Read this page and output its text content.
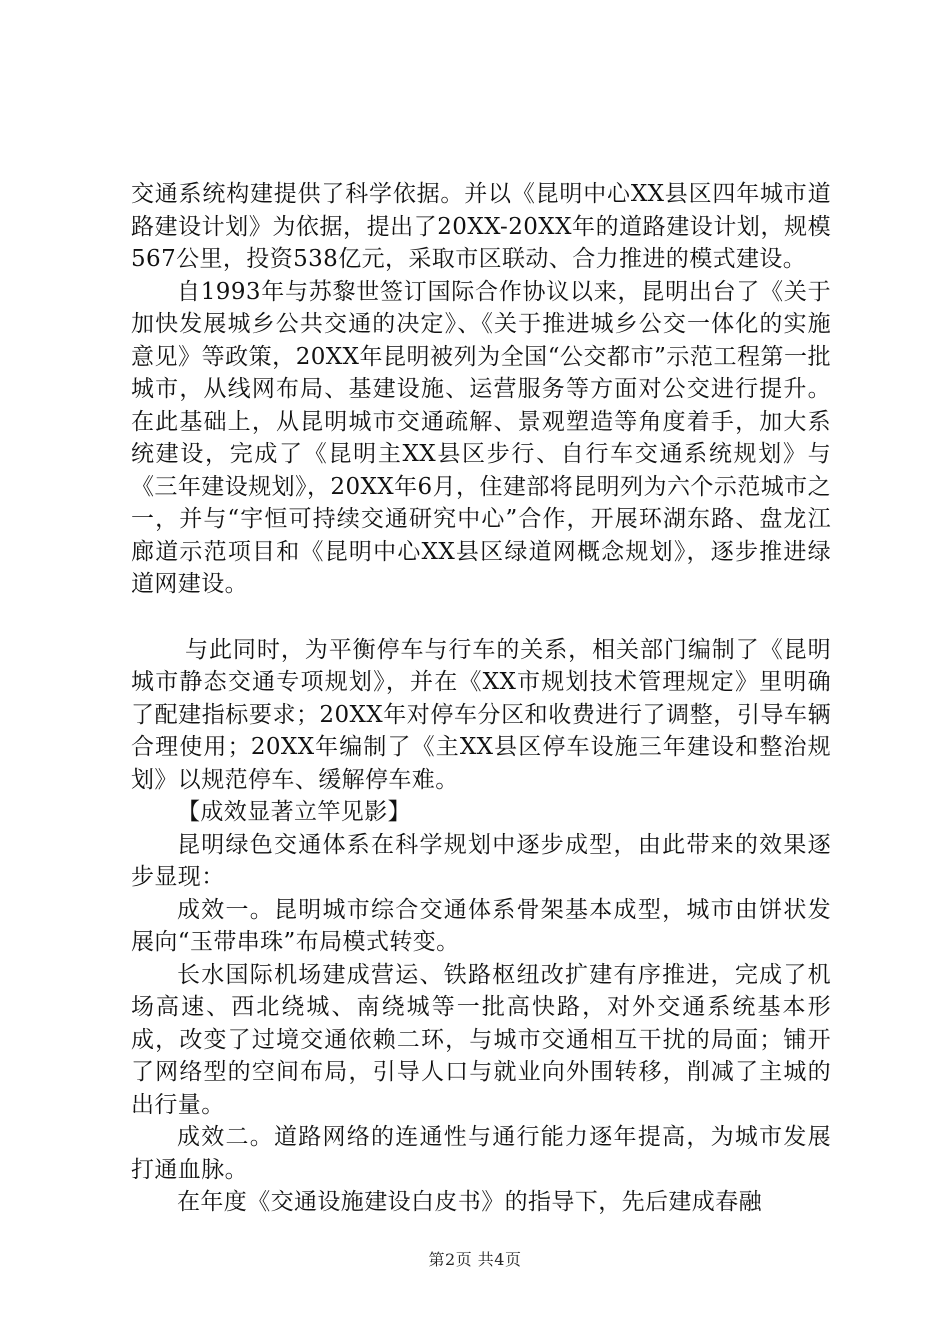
交通系统构建提供了科学依据。并以《昆明中心XX县区四年城市道路建设计划》为依据，提出了20XX-20XX年的道路建设计划，规模567公里，投资538亿元，采取市区联动、合力推进的模式建设。

自1993年与苏黎世签订国际合作协议以来，昆明出台了《关于加快发展城乡公共交通的决定》、《关于推进城乡公交一体化的实施意见》等政策，20XX年昆明被列为全国“公交都市”示范工程第一批城市，从线网布局、基建设施、运营服务等方面对公交进行提升。在此基础上，从昆明城市交通疏解、景观塑造等角度着手，加大系统建设，完成了《昆明主XX县区步行、自行车交通系统规划》与《三年建设规划》，20XX年6月，住建部将昆明列为六个示范城市之一，并与“宇恒可持续交通研究中心”合作，开展环湖东路、盘龙江廊道示范项目和《昆明中心XX县区绿道网概念规划》，逐步推进绿道网建设。

与此同时，为平衡停车与行车的关系，相关部门编制了《昆明城市静态交通专项规划》，并在《XX市规划技术管理规定》里明确了配建指标要求；20XX年对停车分区和收费进行了调整，引导车辆合理使用；20XX年编制了《主XX县区停车设施三年建设和整治规划》以规范停车、缓解停车难。

【成效显著立竿见影】

昆明绿色交通体系在科学规划中逐步成型，由此带来的效果逐步显现：

成效一。昆明城市综合交通体系骨架基本成型，城市由饼状发展向“玉带串珠”布局模式转变。

长水国际机场建成营运、铁路枢纽改扩建有序推进，完成了机场高速、西北绕城、南绕城等一批高快路，对外交通系统基本形成，改变了过境交通依赖二环，与城市交通相互干扰的局面；铺开了网络型的空间布局，引导人口与就业向外围转移，削减了主城的出行量。

成效二。道路网络的连通性与通行能力逐年提高，为城市发展打通血脉。

在年度《交通设施建设白皮书》的指导下，先后建成春融

第2页 共4页
